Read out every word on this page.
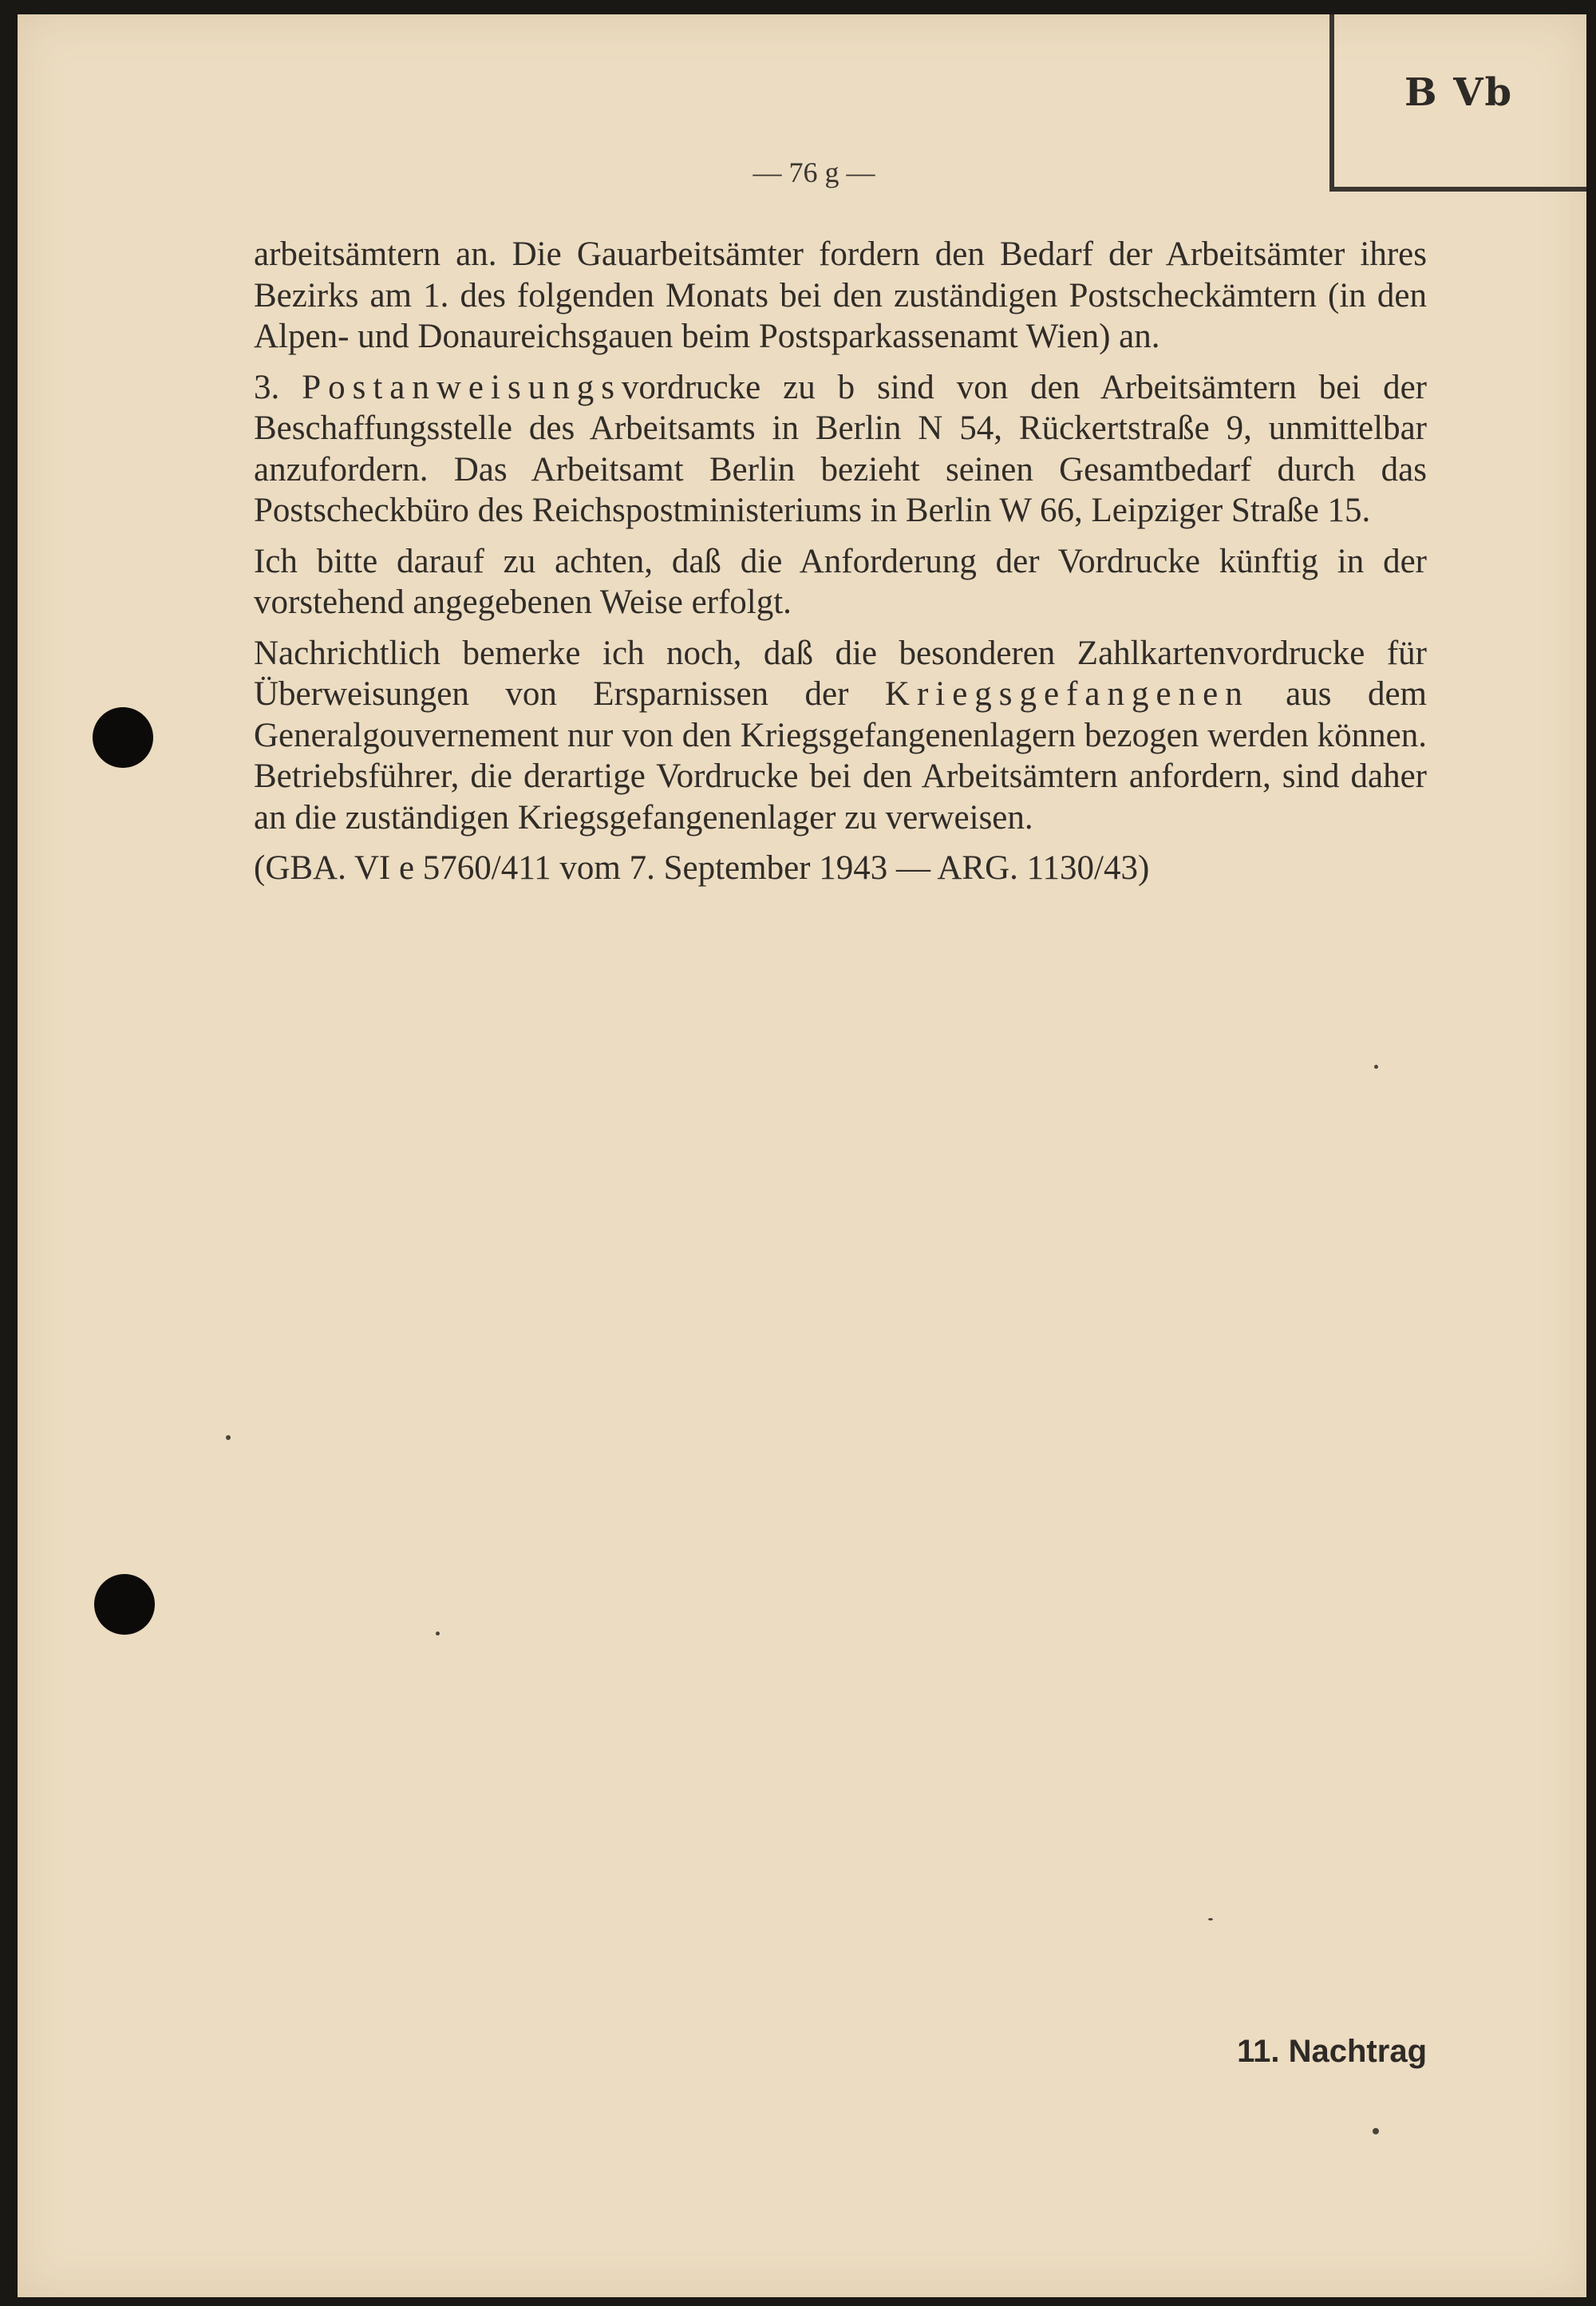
B Vb
— 76 g —

arbeitsämtern an. Die Gauarbeitsämter fordern den Bedarf der Arbeitsämter ihres Bezirks am 1. des folgenden Monats bei den zuständigen Postscheckämtern (in den Alpen- und Donaureichsgauen beim Postsparkassenamt Wien) an.

3. Postanweisungsvordrucke zu b sind von den Arbeitsämtern bei der Beschaffungsstelle des Arbeitsamts in Berlin N 54, Rückertstraße 9, unmittelbar anzufordern. Das Arbeitsamt Berlin bezieht seinen Gesamtbedarf durch das Postscheckbüro des Reichspostministeriums in Berlin W 66, Leipziger Straße 15.

Ich bitte darauf zu achten, daß die Anforderung der Vordrucke künftig in der vorstehend angegebenen Weise erfolgt.

Nachrichtlich bemerke ich noch, daß die besonderen Zahlkartenvordrucke für Überweisungen von Ersparnissen der Kriegsgefangenen aus dem Generalgouvernement nur von den Kriegsgefangenenlagern bezogen werden können. Betriebsführer, die derartige Vordrucke bei den Arbeitsämtern anfordern, sind daher an die zuständigen Kriegsgefangenenlager zu verweisen.

(GBA. VI e 5760/411 vom 7. September 1943 — ARG. 1130/43)

11. Nachtrag
